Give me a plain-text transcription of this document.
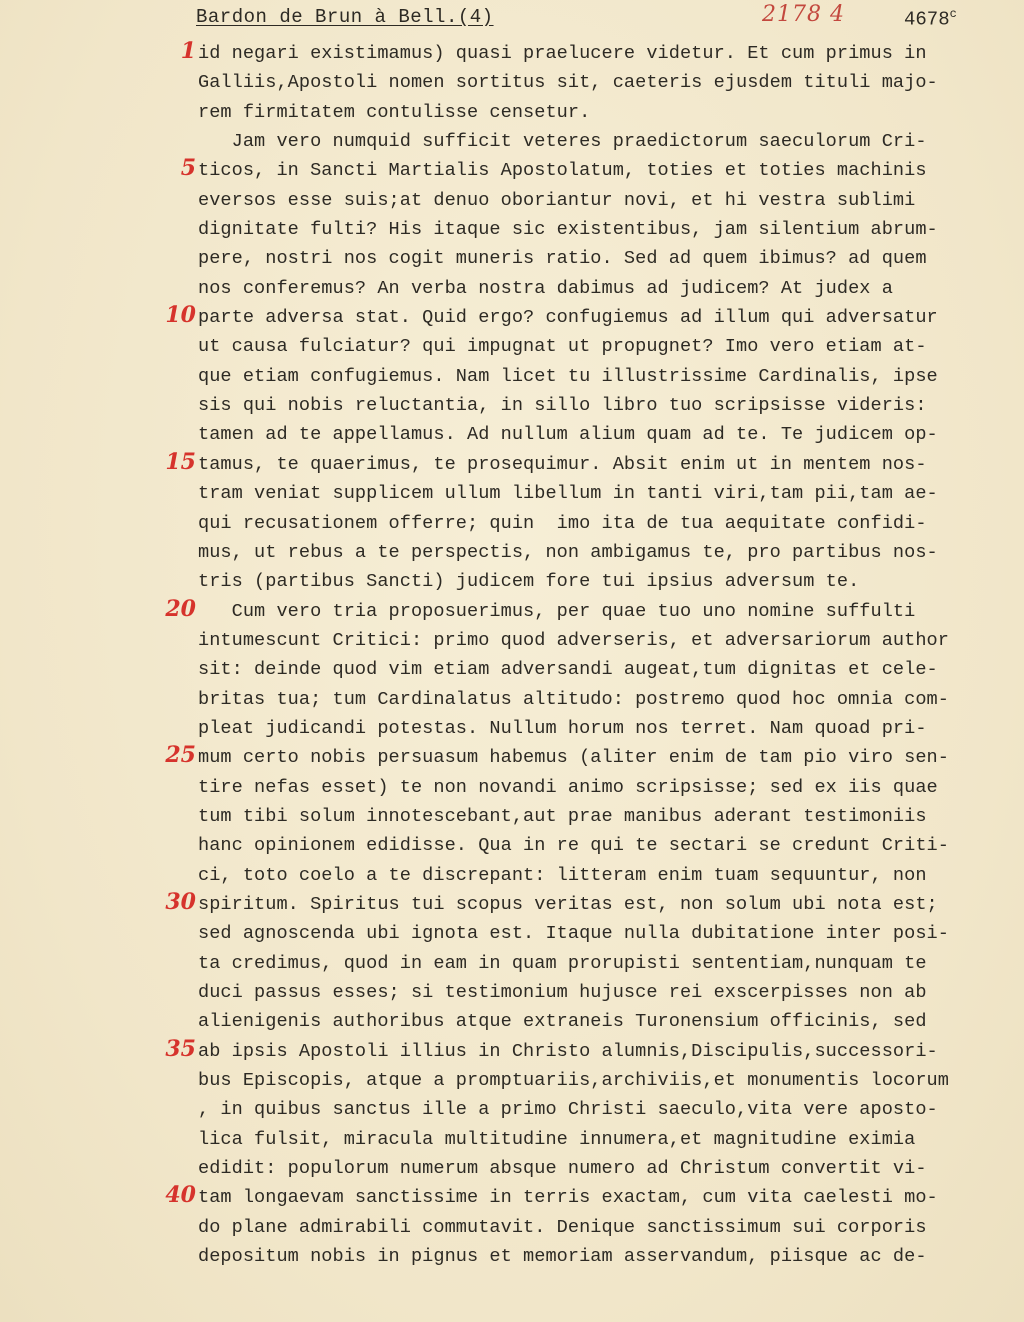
Bardon de Brun à Bell.(4)	2178 4	4678$^c$
1 id negari existimamus) quasi praelucere videtur. Et cum primus in
Galliis,Apostoli nomen sortitus sit, caeteris ejusdem tituli majo-
rem firmitatem contulisse censetur.
Jam vero numquid sufficit veteres praedictorum saeculorum Cri-
5 ticos, in Sancti Martialis Apostolatum, toties et toties machinis
eversos esse suis;at denuo oboriantur novi, et hi vestra sublimi
dignitate fulti? His itaque sic existentibus, jam silentium abrum-
pere, nostri nos cogit muneris ratio. Sed ad quem ibimus? ad quem
nos conferemus? An verba nostra dabimus ad judicem? At judex a
10 parte adversa stat. Quid ergo? confugiemus ad illum qui adversatur
ut causa fulciatur? qui impugnat ut propugnet? Imo vero etiam at-
que etiam confugiemus. Nam licet tu illustrissime Cardinalis, ipse
sis qui nobis reluctantia, in sillo libro tuo scripsisse videris:
tamen ad te appellamus. Ad nullum alium quam ad te. Te judicem op-
15 tamus, te quaerimus, te prosequimur. Absit enim ut in mentem nos-
tram veniat supplicem ullum libellum in tanti viri,tam pii,tam ae-
qui recusationem offerre; quin  imo ita de tua aequitate confidi-
mus, ut rebus a te perspectis, non ambigamus te, pro partibus nos-
tris (partibus Sancti) judicem fore tui ipsius adversum te.
20 Cum vero tria proposuerimus, per quae tuo uno nomine suffulti
intumescunt Critici: primo quod adverseris, et adversariorum author
sit: deinde quod vim etiam adversandi augeat,tum dignitas et cele-
britas tua; tum Cardinalatus altitudo: postremo quod hoc omnia com-
pleat judicandi potestas. Nullum horum nos terret. Nam quoad pri-
25 mum certo nobis persuasum habemus (aliter enim de tam pio viro sen-
tire nefas esset) te non novandi animo scripsisse; sed ex iis quae
tum tibi solum innotescebant,aut prae manibus aderant testimoniis
hanc opinionem edidisse. Qua in re qui te sectari se credunt Criti-
ci, toto coelo a te discrepant: litteram enim tuam sequuntur, non
30 spiritum. Spiritus tui scopus veritas est, non solum ubi nota est;
sed agnoscenda ubi ignota est. Itaque nulla dubitatione inter posi-
ta credimus, quod in eam in quam prorupisti sententiam,nunquam te
duci passus esses; si testimonium hujusce rei exscerpisses non ab
alienigenis authoribus atque extraneis Turonensium officinis, sed
35 ab ipsis Apostoli illius in Christo alumnis,Discipulis,successori-
bus Episcopis, atque a promptuariis,archiviis,et monumentis locorum
, in quibus sanctus ille a primo Christi saeculo,vita vere aposto-
lica fulsit, miracula multitudine innumera,et magnitudine eximia
edidit: populorum numerum absque numero ad Christum convertit vi-
40 tam longaevam sanctissime in terris exactam, cum vita caelesti mo-
do plane admirabili commutavit. Denique sanctissimum sui corporis
depositum nobis in pignus et memoriam asservandum, piisque ac de-
